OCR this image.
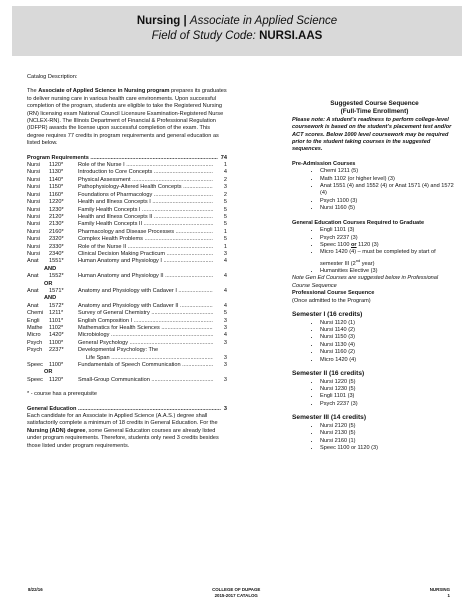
Nursing | Associate in Applied Science
Field of Study Code: NURSI.AAS
Catalog Description:
The Associate of Applied Science in Nursing program prepares its graduates to deliver nursing care in various health care environments. Upon successful completion of the program, students are eligible to take the Registered Nursing (RN) licensing exam National Council Licensure Examination-Registered Nurse (NCLEX-RN). The Illinois Department of Financial & Professional Regulation (IDFPR) awards the license upon successful completion of the exam. This degree requires 77 credits in program requirements and general education as listed below.
Program Requirements .....	74
Nursi	1120*	Role of the Nurse I .....	1
Nursi	1130*	Introduction to Core Concepts .....	4
Nursi	1140*	Physical Assessment .....	2
Nursi	1150*	Pathophysiology-Altered Health Concepts .....	3
Nursi	1160*	Foundations of Pharmacology .....	2
Nursi	1220*	Health and Illness Concepts I .....	5
Nursi	1230*	Family Health Concepts I .....	5
Nursi	2120*	Health and Illness Concepts II .....	5
Nursi	2130*	Family Health Concepts II .....	5
Nursi	2160*	Pharmacology and Disease Processes .....	1
Nursi	2320*	Complex Health Problems .....	5
Nursi	2330*	Role of the Nurse II .....	1
Nursi	2340*	Clinical Decision Making Practicum .....	3
Anat	1551*	Human Anatomy and Physiology I .....	4
AND
Anat	1552*	Human Anatomy and Physiology II .....	4
OR
Anat	1571*	Anatomy and Physiology with Cadaver I .....	4
AND
Anat	1572*	Anatomy and Physiology with Cadaver II .....	4
Chemi	1211*	Survey of General Chemistry .....	5
Engli	1101*	English Composition I .....	3
Mathe	1102*	Mathematics for Health Sciences .....	3
Micro	1420*	Microbiology .....	4
Psych	1100*	General Psychology .....	3
Psych	2237*	Developmental Psychology: The
Life Span .....	3
Speec	1100*	Fundamentals of Speech Communication .....	3
OR
Speec	1120*	Small-Group Communication .....	3
* - course has a prerequisite
General Education .....	3
Each candidate for an Associate in Applied Science (A.A.S.) degree shall satisfactorily complete a minimum of 18 credits in General Education. For the Nursing (ADN) degree, some General Education courses are already listed under program requirements. Therefore, students only need 3 credits besides those listed under program requirements.
Suggested Course Sequence
(Full-Time Enrollment)
Please note: A student’s readiness to perform college-level coursework is based on the student’s placement test and/or ACT scores. Below 1000 level coursework may be required prior to the student taking courses in the suggested sequences.
Pre-Admission Courses
• Chemi 1211 (5)
• Math 1102 (or higher level) (3)
• Anat 1551 (4) and 1552 (4) or Anat 1571 (4) and 1572 (4)
• Psych 1100 (3)
• Nursi 1160 (5)
General Education Courses Required to Graduate
• Engli 1101 (3)
• Psych 2237 (3)
• Speec 1100 or 1120 (3)
• Micro 1420 (4) – must be completed by start of semester III (2nd year)
• Humanities Elective (3)
Note Gen Ed Courses are suggested below in Professional Course Sequence
Professional Course Sequence
(Once admitted to the Program)
Semester I (16 credits)
• Nursi 1120 (1)
• Nursi 1140 (2)
• Nursi 1150 (3)
• Nursi 1130 (4)
• Nursi 1160 (2)
• Micro 1420 (4)
Semester II (16 credits)
• Nursi 1220 (5)
• Nursi 1230 (5)
• Engli 1101 (3)
• Psych 2237 (3)
Semester III (14 credits)
• Nursi 2120 (5)
• Nursi 2130 (5)
• Nursi 2160 (1)
• Speec 1100 or 1120 (3)
8/22/16	COLLEGE OF DUPAGE
2015-2017 CATALOG
NURSING
1
